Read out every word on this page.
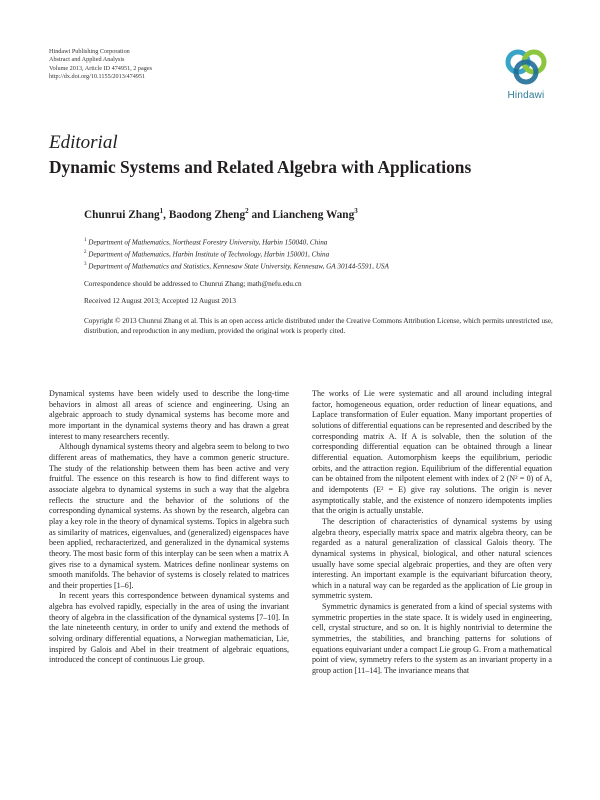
Hindawi Publishing Corporation
Abstract and Applied Analysis
Volume 2013, Article ID 474951, 2 pages
http://dx.doi.org/10.1155/2013/474951
Hindawi
Editorial
Dynamic Systems and Related Algebra with Applications
Chunrui Zhang$^1$, Baodong Zheng$^2$ and Liancheng Wang$^3$
$^1$ Department of Mathematics, Northeast Forestry University, Harbin 150040, China
$^2$ Department of Mathematics, Harbin Institute of Technology, Harbin 150001, China
$^3$ Department of Mathematics and Statistics, Kennesaw State University, Kennesaw, GA 30144-5591, USA
Correspondence should be addressed to Chunrui Zhang; math@nefu.edu.cn
Received 12 August 2013; Accepted 12 August 2013
Copyright © 2013 Chunrui Zhang et al. This is an open access article distributed under the Creative Commons Attribution License, which permits unrestricted use, distribution, and reproduction in any medium, provided the original work is properly cited.

Dynamical systems have been widely used to describe the long-time behaviors in almost all areas of science and engineering. Using an algebraic approach to study dynamical systems has become more and more important in the dynamical systems theory and has drawn a great interest to many researchers recently.

Although dynamical systems theory and algebra seem to belong to two different areas of mathematics, they have a common generic structure. The study of the relationship between them has been active and very fruitful. The essence on this research is how to find different ways to associate algebra to dynamical systems in such a way that the algebra reflects the structure and the behavior of the solutions of the corresponding dynamical systems. As shown by the research, algebra can play a key role in the theory of dynamical systems. Topics in algebra such as similarity of matrices, eigenvalues, and (generalized) eigenspaces have been applied, recharacterized, and generalized in the dynamical systems theory. The most basic form of this interplay can be seen when a matrix A gives rise to a dynamical system. Matrices define nonlinear systems on smooth manifolds. The behavior of systems is closely related to matrices and their properties [1–6].

In recent years this correspondence between dynamical systems and algebra has evolved rapidly, especially in the area of using the invariant theory of algebra in the classification of the dynamical systems [7–10]. In the late nineteenth century, in order to unify and extend the methods of solving ordinary differential equations, a Norwegian mathematician, Lie, inspired by Galois and Abel in their treatment of algebraic equations, introduced the concept of continuous Lie group.

The works of Lie were systematic and all around including integral factor, homogeneous equation, order reduction of linear equations, and Laplace transformation of Euler equation. Many important properties of solutions of differential equations can be represented and described by the corresponding matrix A. If A is solvable, then the solution of the corresponding differential equation can be obtained through a linear differential equation. Automorphism keeps the equilibrium, periodic orbits, and the attraction region. Equilibrium of the differential equation can be obtained from the nilpotent element with index of 2 (N² = 0) of A, and idempotents (E² = E) give ray solutions. The origin is never asymptotically stable, and the existence of nonzero idempotents implies that the origin is actually unstable.

The description of characteristics of dynamical systems by using algebra theory, especially matrix space and matrix algebra theory, can be regarded as a natural generalization of classical Galois theory. The dynamical systems in physical, biological, and other natural sciences usually have some special algebraic properties, and they are often very interesting. An important example is the equivariant bifurcation theory, which in a natural way can be regarded as the application of Lie group in symmetric system.

Symmetric dynamics is generated from a kind of special systems with symmetric properties in the state space. It is widely used in engineering, cell, crystal structure, and so on. It is highly nontrivial to determine the symmetries, the stabilities, and branching patterns for solutions of equations equivariant under a compact Lie group G. From a mathematical point of view, symmetry refers to the system as an invariant property in a group action [11–14]. The invariance means that
